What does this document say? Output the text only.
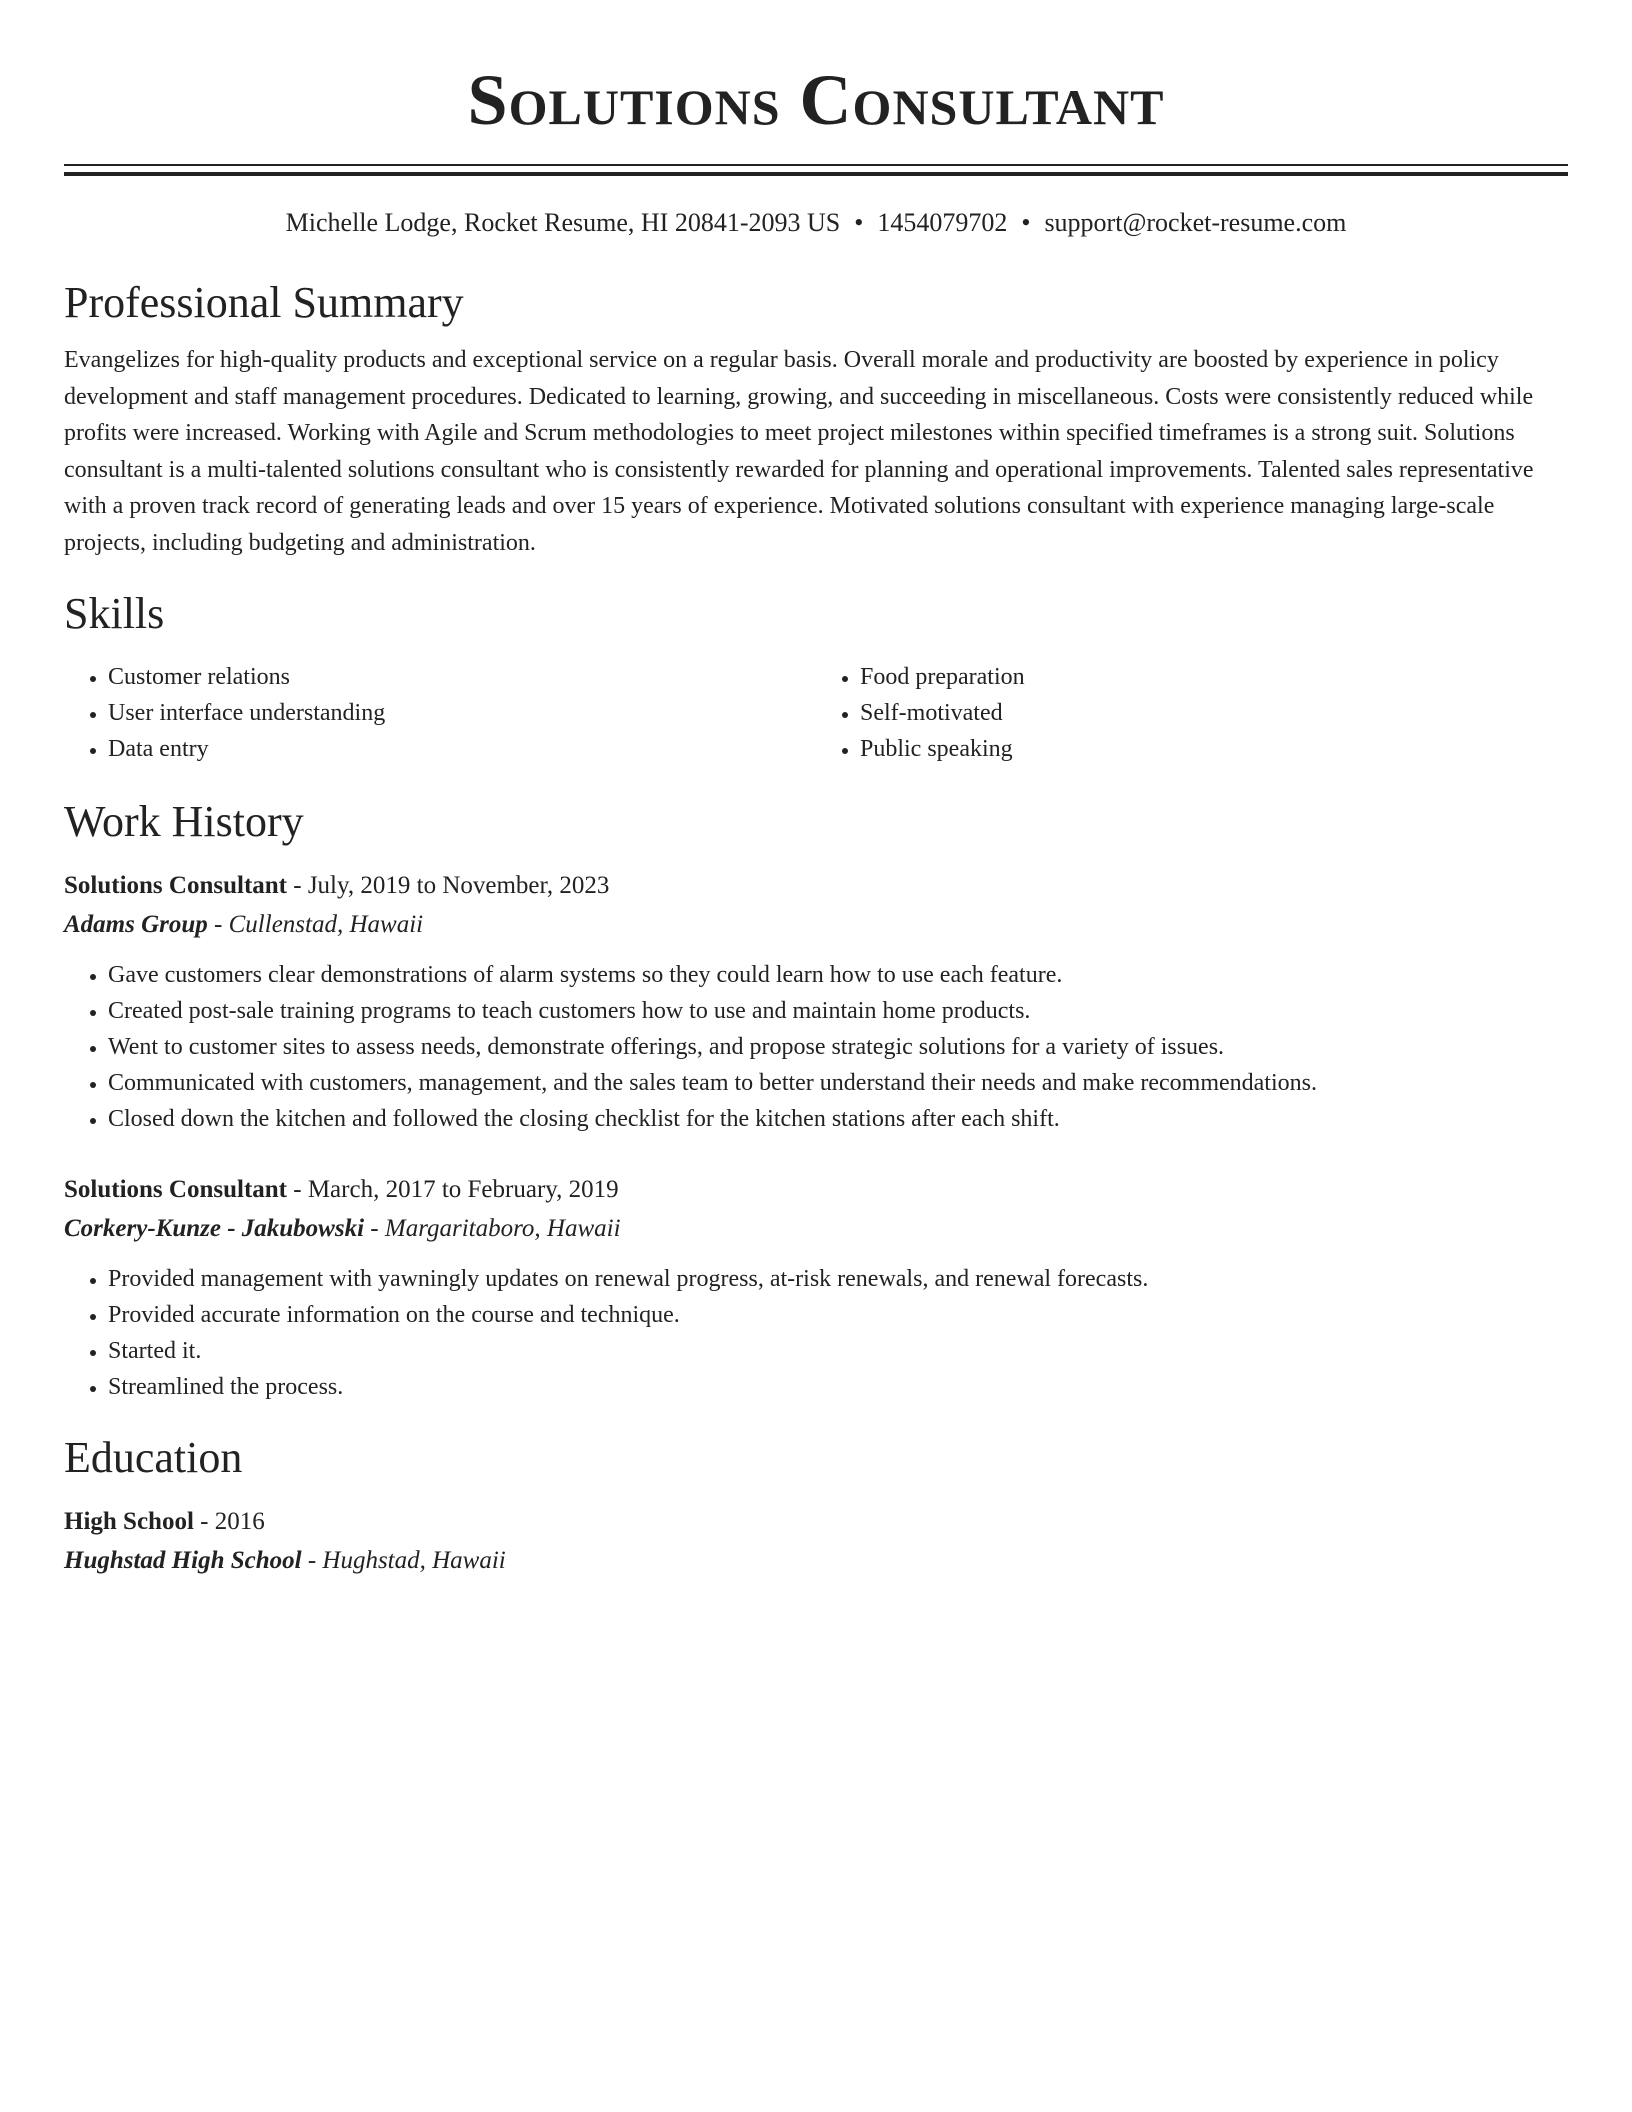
Solutions Consultant
Michelle Lodge, Rocket Resume, HI 20841-2093 US • 1454079702 • support@rocket-resume.com
Professional Summary

Evangelizes for high-quality products and exceptional service on a regular basis. Overall morale and productivity are boosted by experience in policy development and staff management procedures. Dedicated to learning, growing, and succeeding in miscellaneous. Costs were consistently reduced while profits were increased. Working with Agile and Scrum methodologies to meet project milestones within specified timeframes is a strong suit. Solutions consultant is a multi-talented solutions consultant who is consistently rewarded for planning and operational improvements. Talented sales representative with a proven track record of generating leads and over 15 years of experience. Motivated solutions consultant with experience managing large-scale projects, including budgeting and administration.

Skills
• Customer relations
• User interface understanding
• Data entry
• Food preparation
• Self-motivated
• Public speaking
Work History
Solutions Consultant - July, 2019 to November, 2023
Adams Group - Cullenstad, Hawaii
• Gave customers clear demonstrations of alarm systems so they could learn how to use each feature.
• Created post-sale training programs to teach customers how to use and maintain home products.
• Went to customer sites to assess needs, demonstrate offerings, and propose strategic solutions for a variety of issues.
• Communicated with customers, management, and the sales team to better understand their needs and make recommendations.
• Closed down the kitchen and followed the closing checklist for the kitchen stations after each shift.
Solutions Consultant - March, 2017 to February, 2019
Corkery-Kunze - Jakubowski - Margaritaboro, Hawaii
• Provided management with yawningly updates on renewal progress, at-risk renewals, and renewal forecasts.
• Provided accurate information on the course and technique.
• Started it.
• Streamlined the process.
Education
High School - 2016
Hughstad High School - Hughstad, Hawaii
